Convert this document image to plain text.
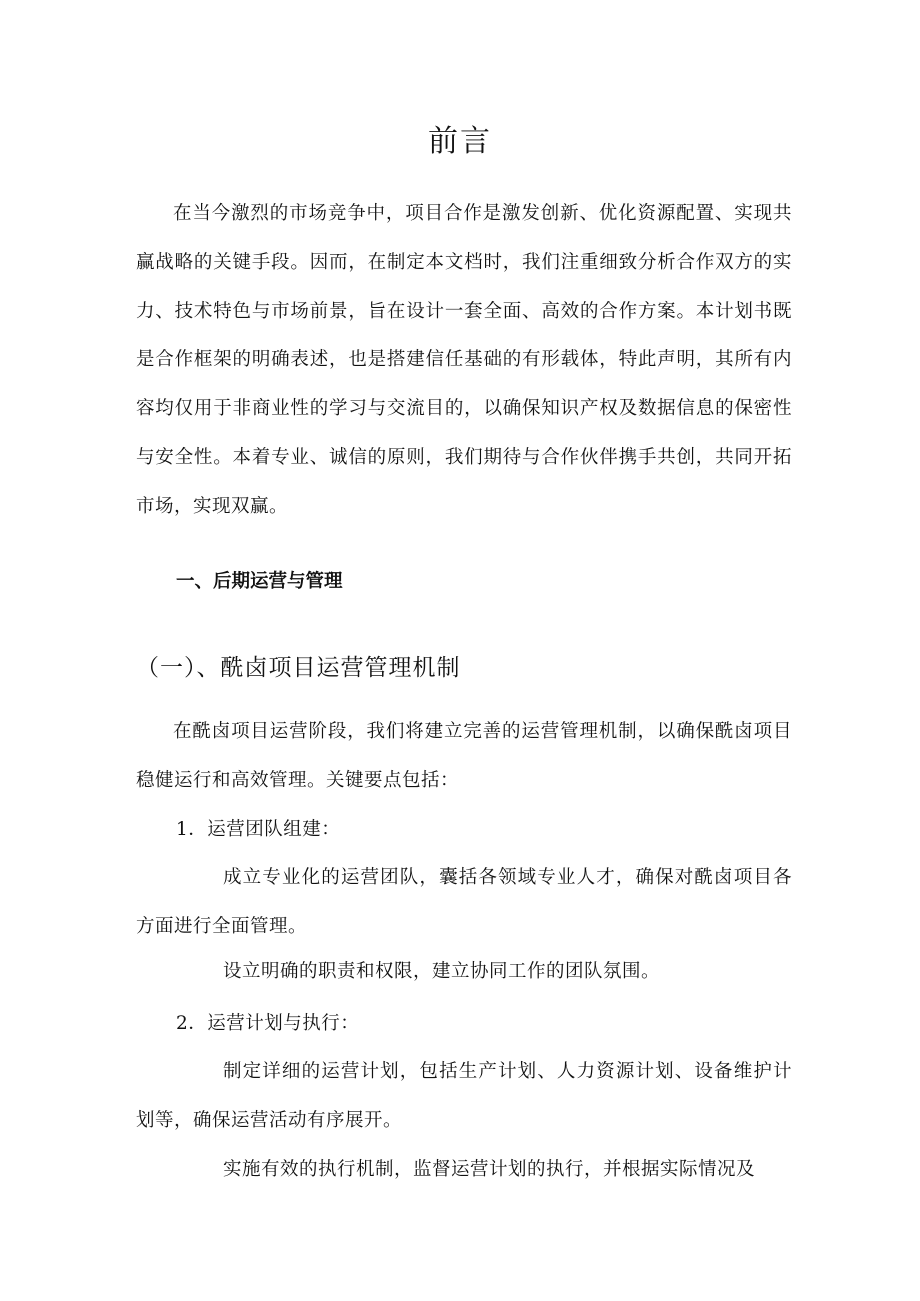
前言

在当今激烈的市场竞争中，项目合作是激发创新、优化资源配置、实现共赢战略的关键手段。因而，在制定本文档时，我们注重细致分析合作双方的实力、技术特色与市场前景，旨在设计一套全面、高效的合作方案。本计划书既是合作框架的明确表述，也是搭建信任基础的有形载体，特此声明，其所有内容均仅用于非商业性的学习与交流目的，以确保知识产权及数据信息的保密性与安全性。本着专业、诚信的原则，我们期待与合作伙伴携手共创，共同开拓市场，实现双赢。

一、后期运营与管理
（一）、酰卤项目运营管理机制

在酰卤项目运营阶段，我们将建立完善的运营管理机制，以确保酰卤项目稳健运行和高效管理。关键要点包括：

1．运营团队组建：

成立专业化的运营团队，囊括各领域专业人才，确保对酰卤项目各方面进行全面管理。

设立明确的职责和权限，建立协同工作的团队氛围。

2．运营计划与执行：

制定详细的运营计划，包括生产计划、人力资源计划、设备维护计划等，确保运营活动有序展开。

实施有效的执行机制，监督运营计划的执行，并根据实际情况及
